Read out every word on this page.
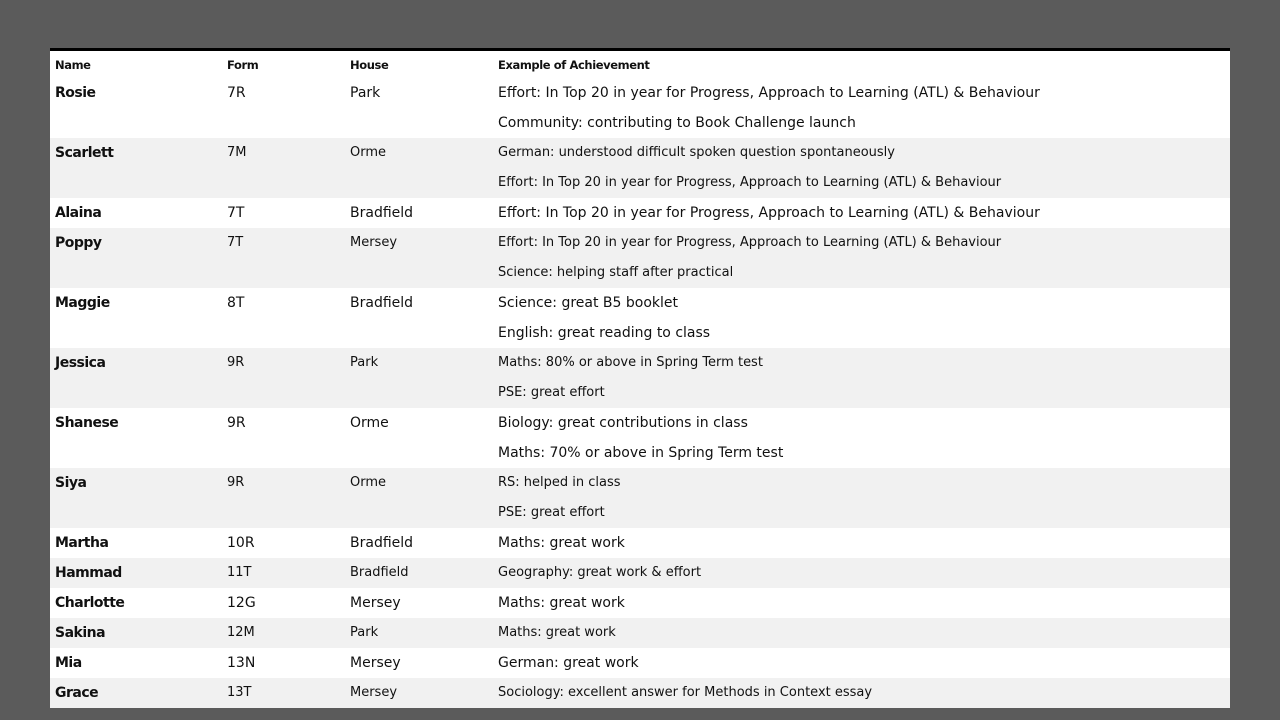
Name	Form	House	Example of Achievement
Rosie	7R	Park	Effort: In Top 20 in year for Progress, Approach to Learning (ATL) & Behaviour
Community: contributing to Book Challenge launch

Scarlett	7M	Orme	German: understood difficult spoken question spontaneously
Effort: In Top 20 in year for Progress, Approach to Learning (ATL) & Behaviour

Alaina	7T	Bradfield	Effort: In Top 20 in year for Progress, Approach to Learning (ATL) & Behaviour

Poppy	7T	Mersey	Effort: In Top 20 in year for Progress, Approach to Learning (ATL) & Behaviour
Science: helping staff after practical

Maggie	8T	Bradfield	Science: great B5 booklet
English: great reading to class

Jessica	9R	Park	Maths: 80% or above in Spring Term test
PSE: great effort

Shanese	9R	Orme	Biology: great contributions in class
Maths: 70% or above in Spring Term test

Siya	9R	Orme	RS: helped in class
PSE: great effort

Martha	10R	Bradfield	Maths: great work

Hammad	11T	Bradfield	Geography: great work & effort

Charlotte	12G	Mersey	Maths: great work

Sakina	12M	Park	Maths: great work

Mia	13N	Mersey	German: great work

Grace	13T	Mersey	Sociology: excellent answer for Methods in Context essay
